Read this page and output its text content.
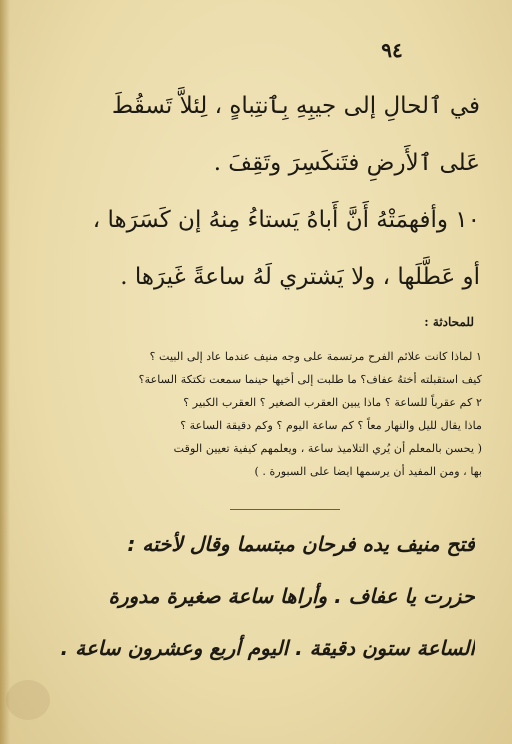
٩٤
في ٱلحالِ إلى جيبِهِ بِٱنتِباهٍ ، لِئلاَّ تَسقُطَ
عَلى ٱلأَرضِ فتَنكَسِرَ وتَقِفَ .
١٠ وأفهمَتْهُ أَنَّ أَباهُ يَستاءُ مِنهُ إن كَسَرَها ،
أو عَطَّلَها ، ولا يَشتري لَهُ ساعةً غَيرَها .
للمحادثة :
١ لماذا كانت علائم الفرح مرتسمة على وجه منيف عندما عاد إلى البيت ؟
كيف استقبلته أختهُ عفاف؟ ما طلبت إلى أخيها حينما سمعت تكتكة الساعة؟
٢ كم عقرباً للساعة ؟ ماذا يبين العقرب الصغير ؟ العقرب الكبير ؟
ماذا يقال لليل والنهار معاً ؟ كم ساعة اليوم ؟ وكم دقيقة الساعة ؟
( يحسن بالمعلم أن يُري التلاميذ ساعة ، ويعلمهم كيفية تعيين الوقت
بها ، ومن المفيد أن يرسمها ايضا على السبورة . )
فتح منيف يده فرحان مبتسما وقال لأخته :
حزرت يا عفاف . وأراها ساعة صغيرة مدورة
الساعة ستون دقيقة . اليوم أربع وعشرون ساعة .
